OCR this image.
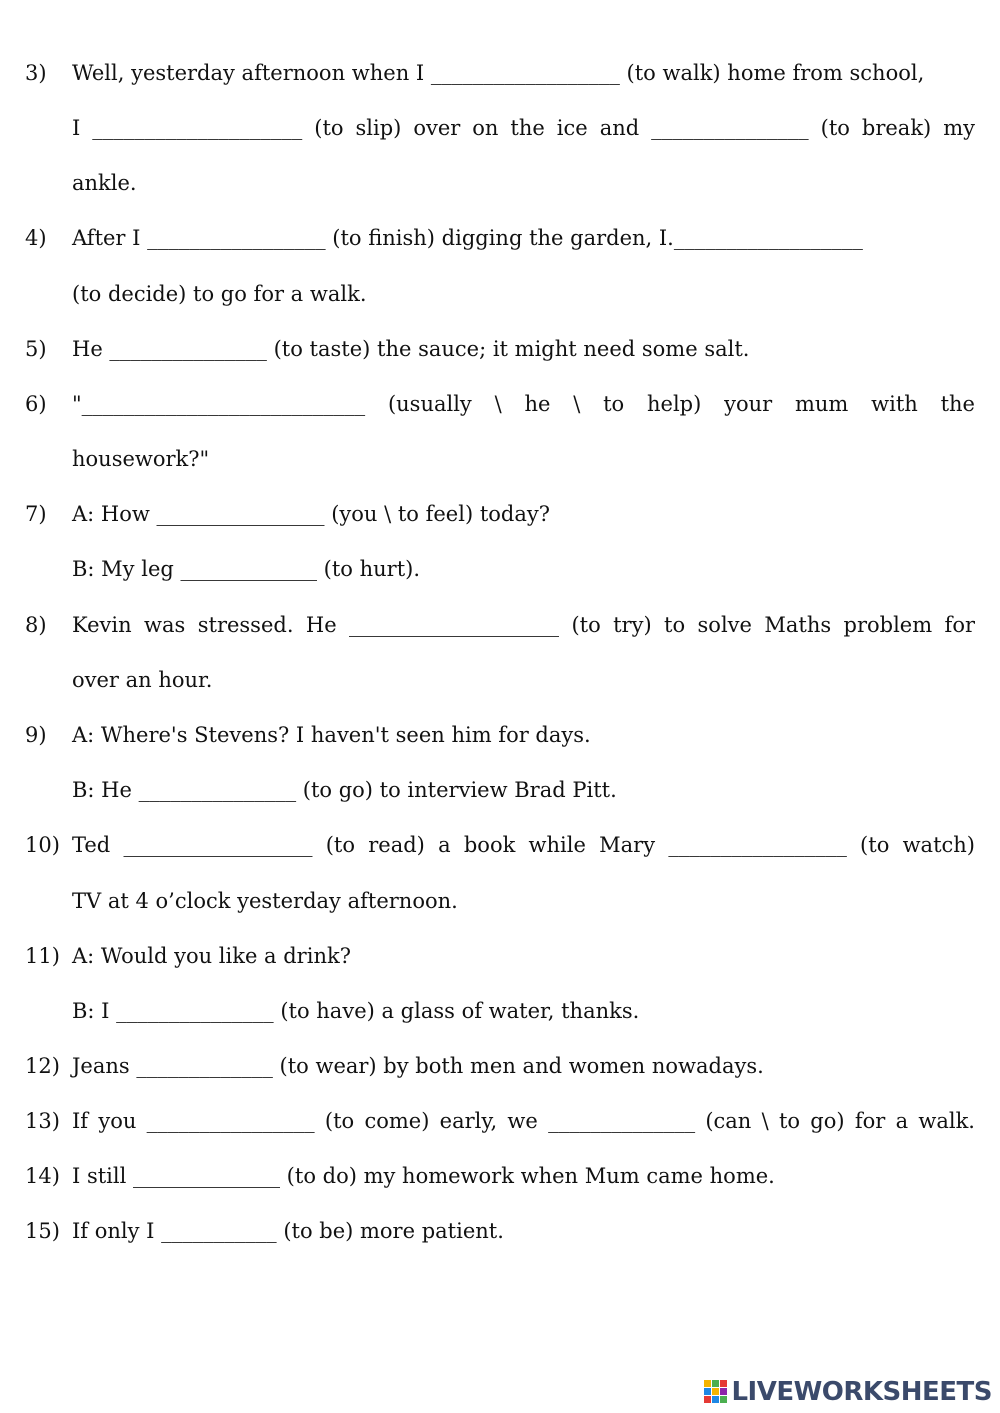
3) Well, yesterday afternoon when I __________________ (to walk) home from school,
I ____________________ (to slip) over on the ice and _______________ (to break) my
ankle.
4) After I _________________ (to finish) digging the garden, I.__________________
(to decide) to go for a walk.
5) He _______________ (to taste) the sauce; it might need some salt.
6) "___________________________ (usually \ he \ to help) your mum with the
housework?"
7) A: How ________________ (you \ to feel) today?
B: My leg _____________ (to hurt).
8) Kevin was stressed. He ____________________ (to try) to solve Maths problem for
over an hour.
9) A: Where's Stevens? I haven't seen him for days.
B: He _______________ (to go) to interview Brad Pitt.
10) Ted __________________ (to read) a book while Mary _________________ (to watch)
TV at 4 o’clock yesterday afternoon.
11) A: Would you like a drink?
B: I _______________ (to have) a glass of water, thanks.
12) Jeans _____________ (to wear) by both men and women nowadays.
13) If you ________________ (to come) early, we ______________ (can \ to go) for a walk.
14) I still ______________ (to do) my homework when Mum came home.
15) If only I ___________ (to be) more patient.
LIVEWORKSHEETS
